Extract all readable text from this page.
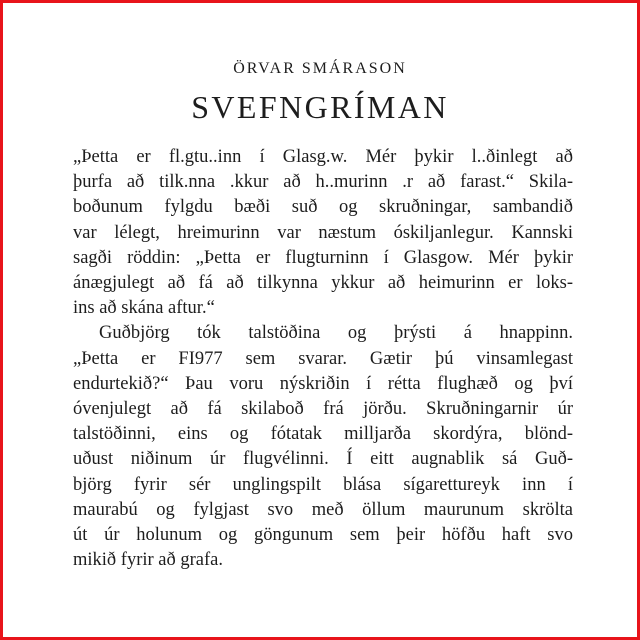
ÖRVAR SMÁRASON
SVEFNGRÍMAN

„Þetta er fl.gtu..inn í Glasg.w. Mér þykir l..ðinlegt að
þurfa að tilk.nna .kkur að h..murinn .r að farast.“ Skila-
boðunum fylgdu bæði suð og skruðningar, sambandið
var lélegt, hreimurinn var næstum óskiljanlegur. Kannski
sagði röddin: „Þetta er flugturninn í Glasgow. Mér þykir
ánægjulegt að fá að tilkynna ykkur að heimurinn er loks-
ins að skána aftur.“

Guðbjörg tók talstöðina og þrýsti á hnappinn.
„Þetta er FI977 sem svarar. Gætir þú vinsamlegast
endurtekið?“ Þau voru nýskriðin í rétta flughæð og því
óvenjulegt að fá skilaboð frá jörðu. Skruðningarnir úr
talstöðinni, eins og fótatak milljarða skordýra, blönd-
uðust niðinum úr flugvélinni. Í eitt augnablik sá Guð-
björg fyrir sér unglingspilt blása sígarettureyk inn í
maurabú og fylgjast svo með öllum maurunum skrölta
út úr holunum og göngunum sem þeir höfðu haft svo
mikið fyrir að grafa.
